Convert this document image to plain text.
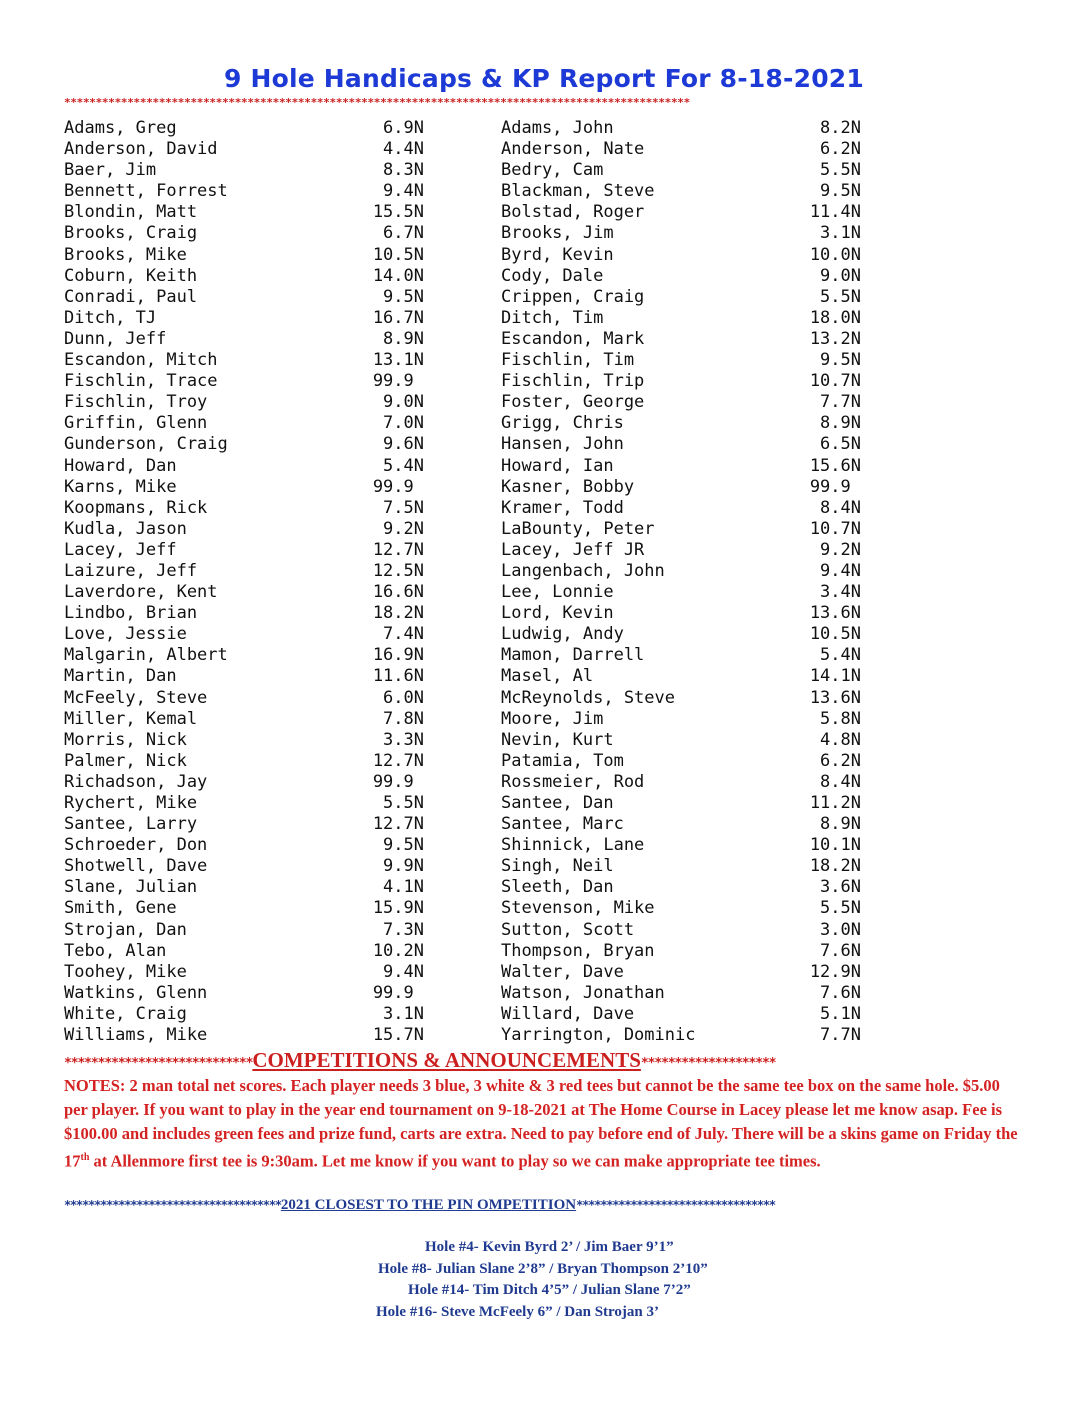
9 Hole Handicaps & KP Report For 8-18-2021
***************************************************************************************************
Adams, Greg	6.9N	Adams, John	8.2N
Anderson, David	4.4N	Anderson, Nate	6.2N
Baer, Jim	8.3N	Bedry, Cam	5.5N
Bennett, Forrest	9.4N	Blackman, Steve	9.5N
Blondin, Matt	15.5N	Bolstad, Roger	11.4N
Brooks, Craig	6.7N	Brooks, Jim	3.1N
Brooks, Mike	10.5N	Byrd, Kevin	10.0N
Coburn, Keith	14.0N	Cody, Dale	9.0N
Conradi, Paul	9.5N	Crippen, Craig	5.5N
Ditch, TJ	16.7N	Ditch, Tim	18.0N
Dunn, Jeff	8.9N	Escandon, Mark	13.2N
Escandon, Mitch	13.1N	Fischlin, Tim	9.5N
Fischlin, Trace	99.9	Fischlin, Trip	10.7N
Fischlin, Troy	9.0N	Foster, George	7.7N
Griffin, Glenn	7.0N	Grigg, Chris	8.9N
Gunderson, Craig	9.6N	Hansen, John	6.5N
Howard, Dan	5.4N	Howard, Ian	15.6N
Karns, Mike	99.9	Kasner, Bobby	99.9
Koopmans, Rick	7.5N	Kramer, Todd	8.4N
Kudla, Jason	9.2N	LaBounty, Peter	10.7N
Lacey, Jeff	12.7N	Lacey, Jeff JR	9.2N
Laizure, Jeff	12.5N	Langenbach, John	9.4N
Laverdore, Kent	16.6N	Lee, Lonnie	3.4N
Lindbo, Brian	18.2N	Lord, Kevin	13.6N
Love, Jessie	7.4N	Ludwig, Andy	10.5N
Malgarin, Albert	16.9N	Mamon, Darrell	5.4N
Martin, Dan	11.6N	Masel, Al	14.1N
McFeely, Steve	6.0N	McReynolds, Steve	13.6N
Miller, Kemal	7.8N	Moore, Jim	5.8N
Morris, Nick	3.3N	Nevin, Kurt	4.8N
Palmer, Nick	12.7N	Patamia, Tom	6.2N
Richadson, Jay	99.9	Rossmeier, Rod	8.4N
Rychert, Mike	5.5N	Santee, Dan	11.2N
Santee, Larry	12.7N	Santee, Marc	8.9N
Schroeder, Don	9.5N	Shinnick, Lane	10.1N
Shotwell, Dave	9.9N	Singh, Neil	18.2N
Slane, Julian	4.1N	Sleeth, Dan	3.6N
Smith, Gene	15.9N	Stevenson, Mike	5.5N
Strojan, Dan	7.3N	Sutton, Scott	3.0N
Tebo, Alan	10.2N	Thompson, Bryan	7.6N
Toohey, Mike	9.4N	Walter, Dave	12.9N
Watkins, Glenn	99.9	Watson, Jonathan	7.6N
White, Craig	3.1N	Willard, Dave	5.1N
Williams, Mike	15.7N	Yarrington, Dominic	7.7N
****************************COMPETITIONS & ANNOUNCEMENTS********************
NOTES: 2 man total net scores. Each player needs 3 blue, 3 white & 3 red tees but cannot be the same tee box on the same hole. $5.00 per player. If you want to play in the year end tournament on 9-18-2021 at The Home Course in Lacey please let me know asap. Fee is $100.00 and includes green fees and prize fund, carts are extra. Need to pay before end of July. There will be a skins game on Friday the 17th at Allenmore first tee is 9:30am. Let me know if you want to play so we can make appropriate tee times.
************************************2021 CLOSEST TO THE PIN OMPETITION*********************************
Hole #4- Kevin Byrd 2’ / Jim Baer 9’1”
Hole #8- Julian Slane 2’8” / Bryan Thompson 2’10”
Hole #14- Tim Ditch 4’5” / Julian Slane 7’2”
Hole #16- Steve McFeely 6” / Dan Strojan 3’
